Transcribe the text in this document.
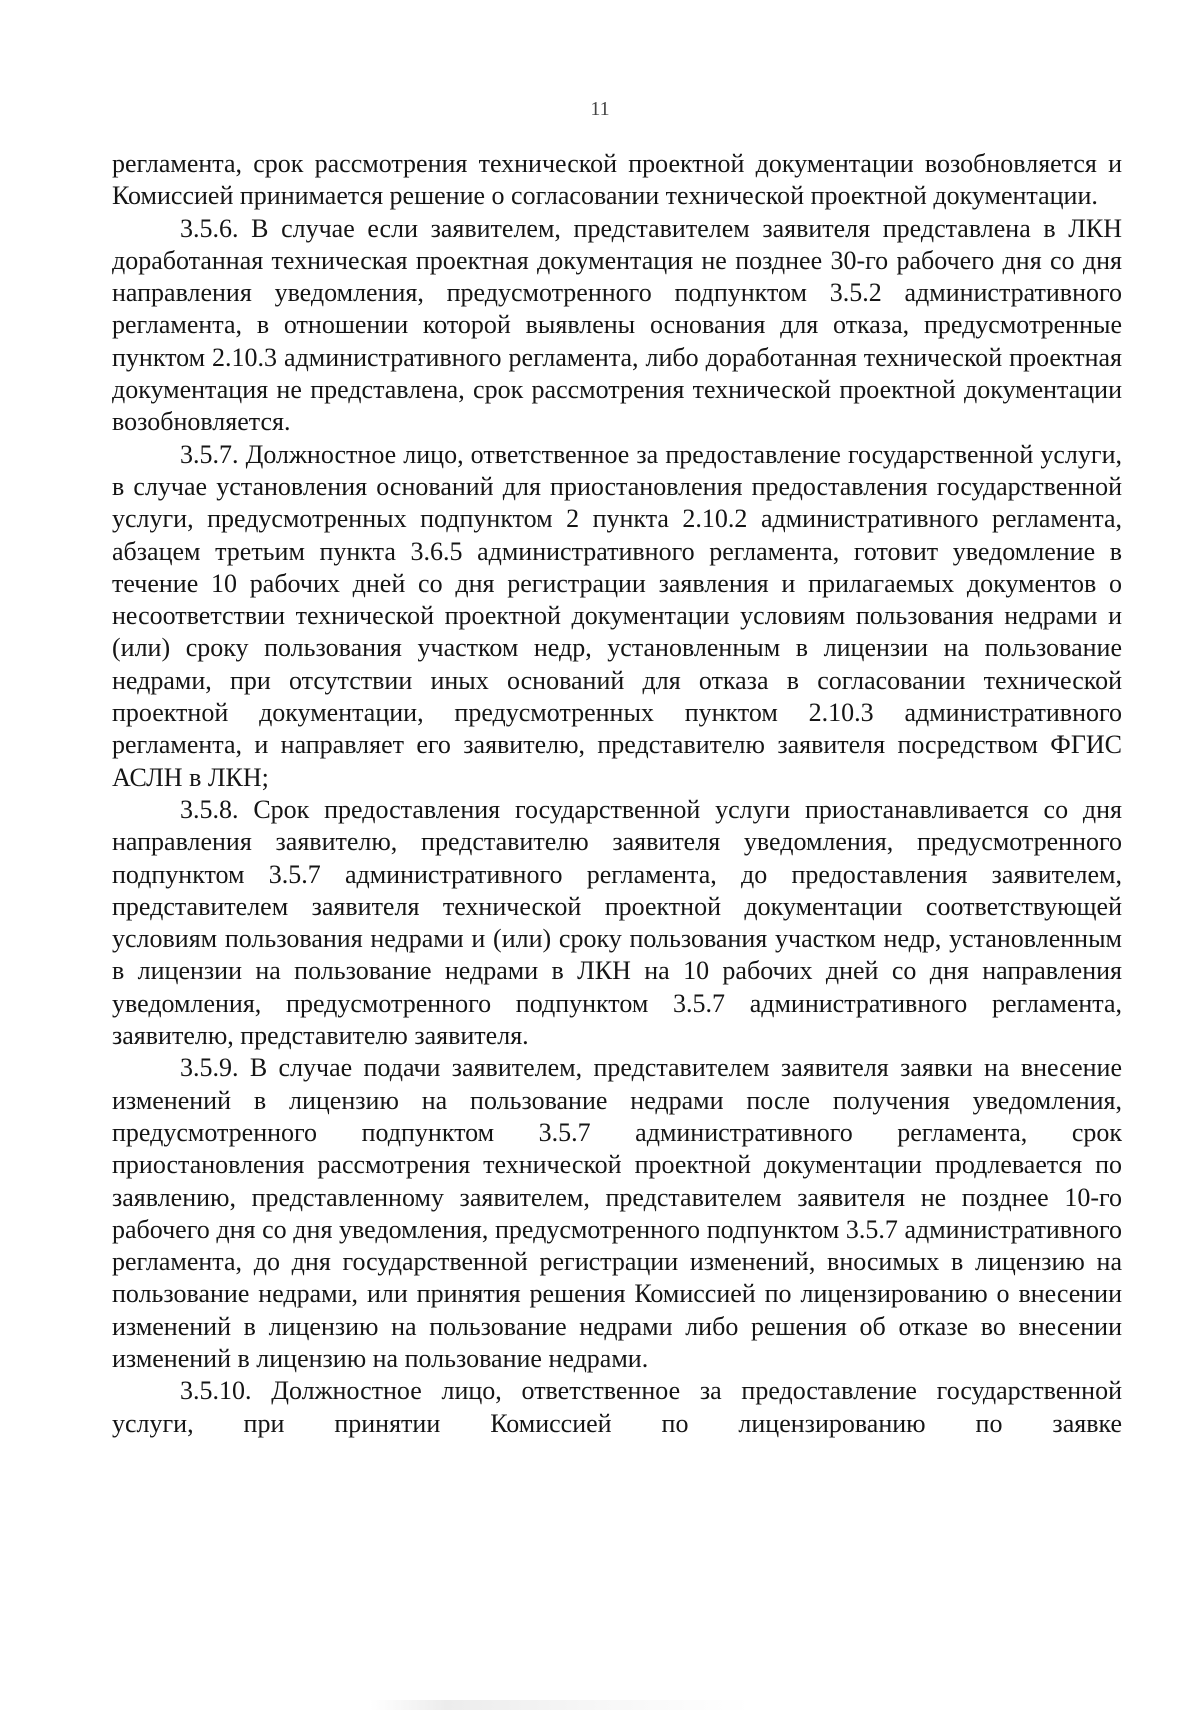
11

регламента, срок рассмотрения технической проектной документации возобновляется и Комиссией принимается решение о согласовании технической проектной документации.

3.5.6. В случае если заявителем, представителем заявителя представлена в ЛКН доработанная техническая проектная документация не позднее 30-го рабочего дня со дня направления уведомления, предусмотренного подпунктом 3.5.2 административного регламента, в отношении которой выявлены основания для отказа, предусмотренные пунктом 2.10.3 административного регламента, либо доработанная технической проектная документация не представлена, срок рассмотрения технической проектной документации возобновляется.

3.5.7. Должностное лицо, ответственное за предоставление государственной услуги, в случае установления оснований для приостановления предоставления государственной услуги, предусмотренных подпунктом 2 пункта 2.10.2 административного регламента, абзацем третьим пункта 3.6.5 административного регламента, готовит уведомление в течение 10 рабочих дней со дня регистрации заявления и прилагаемых документов о несоответствии технической проектной документации условиям пользования недрами и (или) сроку пользования участком недр, установленным в лицензии на пользование недрами, при отсутствии иных оснований для отказа в согласовании технической проектной документации, предусмотренных пунктом 2.10.3 административного регламента, и направляет его заявителю, представителю заявителя посредством ФГИС АСЛН в ЛКН;

3.5.8. Срок предоставления государственной услуги приостанавливается со дня направления заявителю, представителю заявителя уведомления, предусмотренного подпунктом 3.5.7 административного регламента, до предоставления заявителем, представителем заявителя технической проектной документации соответствующей условиям пользования недрами и (или) сроку пользования участком недр, установленным в лицензии на пользование недрами в ЛКН на 10 рабочих дней со дня направления уведомления, предусмотренного подпунктом 3.5.7 административного регламента, заявителю, представителю заявителя.

3.5.9. В случае подачи заявителем, представителем заявителя заявки на внесение изменений в лицензию на пользование недрами после получения уведомления, предусмотренного подпунктом 3.5.7 административного регламента, срок приостановления рассмотрения технической проектной документации продлевается по заявлению, представленному заявителем, представителем заявителя не позднее 10-го рабочего дня со дня уведомления, предусмотренного подпунктом 3.5.7 административного регламента, до дня государственной регистрации изменений, вносимых в лицензию на пользование недрами, или принятия решения Комиссией по лицензированию о внесении изменений в лицензию на пользование недрами либо решения об отказе во внесении изменений в лицензию на пользование недрами.

3.5.10. Должностное лицо, ответственное за предоставление государственной услуги, при принятии Комиссией по лицензированию по заявке
